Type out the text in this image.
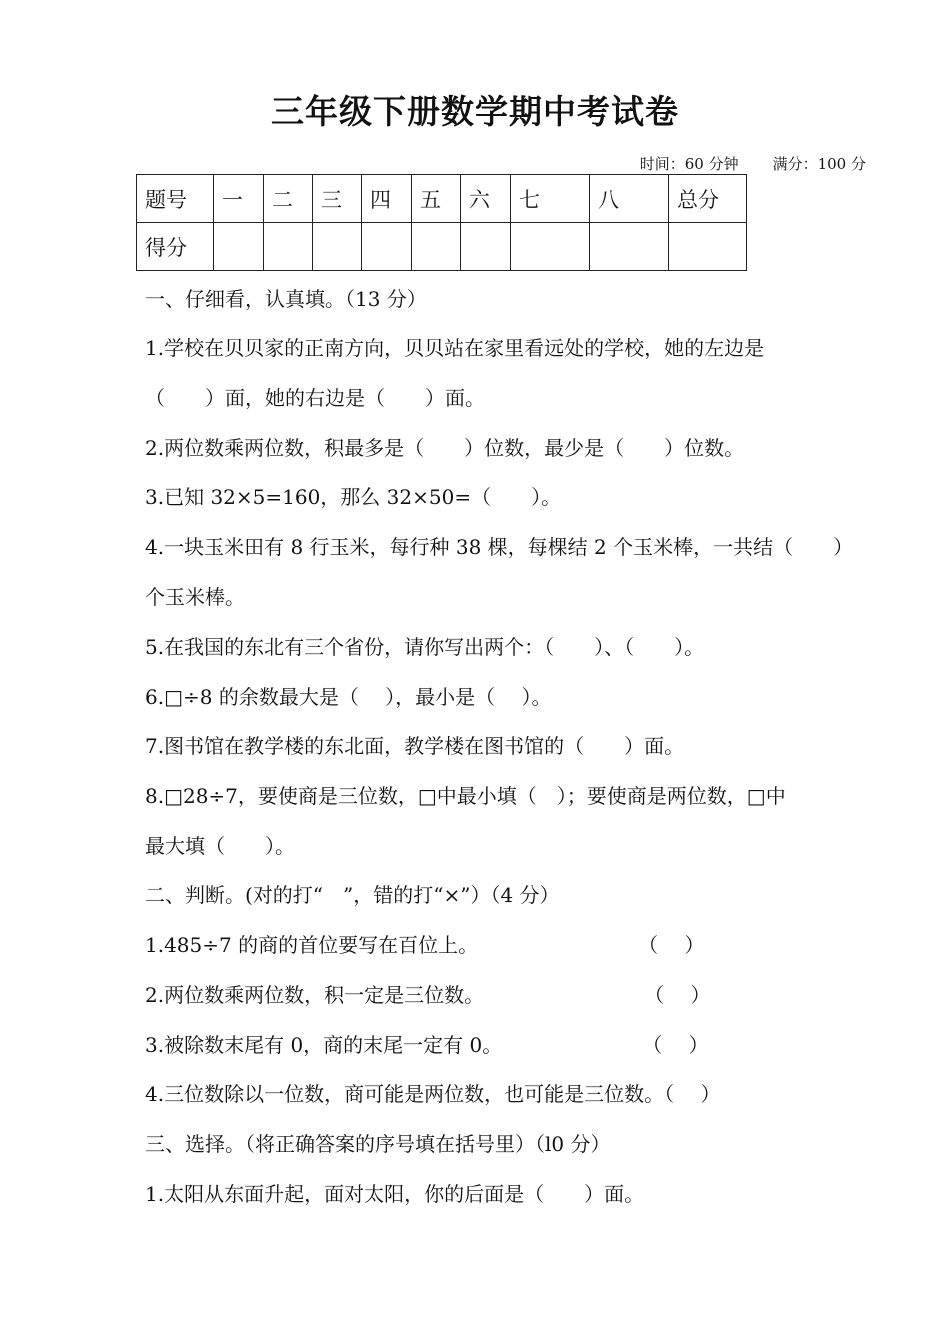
三年级下册数学期中考试卷
时间：60 分钟 满分：100 分
题号	一	二	三	四	五	六	七	八	总分
得分									
一、仔细看，认真填。（13 分）
1.学校在贝贝家的正南方向，贝贝站在家里看远处的学校，她的左边是
（　　）面，她的右边是（　　）面。
2.两位数乘两位数，积最多是（　　）位数，最少是（　　）位数。
3.已知 32×5=160，那么 32×50=（　　）。
4.一块玉米田有 8 行玉米，每行种 38 棵，每棵结 2 个玉米棒，一共结（　　）
个玉米棒。
5.在我国的东北有三个省份，请你写出两个：（　　）、（　　）。
6.□÷8 的余数最大是（　 ），最小是（　 ）。
7.图书馆在教学楼的东北面，教学楼在图书馆的（　　）面。
8.□28÷7，要使商是三位数，□中最小填（　）；要使商是两位数，□中
最大填（　　）。
二、判断。(对的打“　”，错的打“×”）（4 分）
1.485÷7 的商的首位要写在百位上。　　　　　　　　　（　 ）
2.两位数乘两位数，积一定是三位数。　　　　　　　　　（　 ）
3.被除数末尾有 0，商的末尾一定有 0。　　　　　　　　（　 ）
4.三位数除以一位数，商可能是两位数，也可能是三位数。（　 ）
三、选择。（将正确答案的序号填在括号里）（l0 分）
1.太阳从东面升起，面对太阳，你的后面是（　　）面。
